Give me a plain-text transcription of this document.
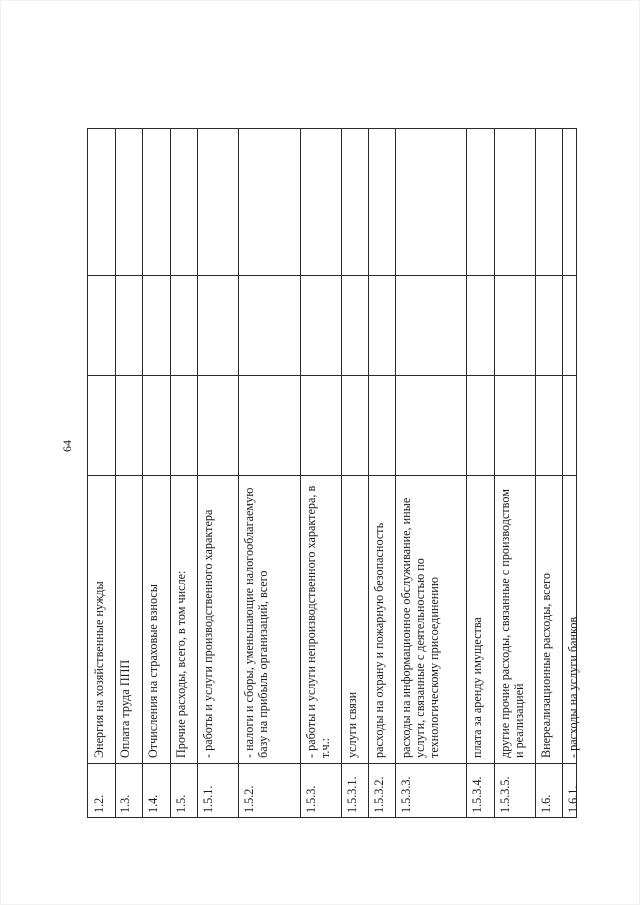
64
1.2.
Энергия на хозяйственные нужды
1.3.
Оплата труда ППП
1.4.
Отчисления на страховые взносы
1.5.
Прочие расходы, всего, в том числе:
1.5.1.
- работы и услуги производственного характера
1.5.2.
- налоги и сборы, уменьшающие налогооблагаемую базу на прибыль организаций, всего
1.5.3.
- работы и услуги непроизводственного характера, в т.ч.:
1.5.3.1.
услуги связи
1.5.3.2.
расходы на охрану и пожарную безопасность
1.5.3.3.
расходы на информационное обслуживание, иные услуги, связанные с деятельностью по технологическому присоединению
1.5.3.4.
плата за аренду имущества
1.5.3.5.
другие прочие расходы, связанные с производством и реализацией
1.6.
Внереализационные расходы, всего
1.6.1.
- расходы на услуги банков
